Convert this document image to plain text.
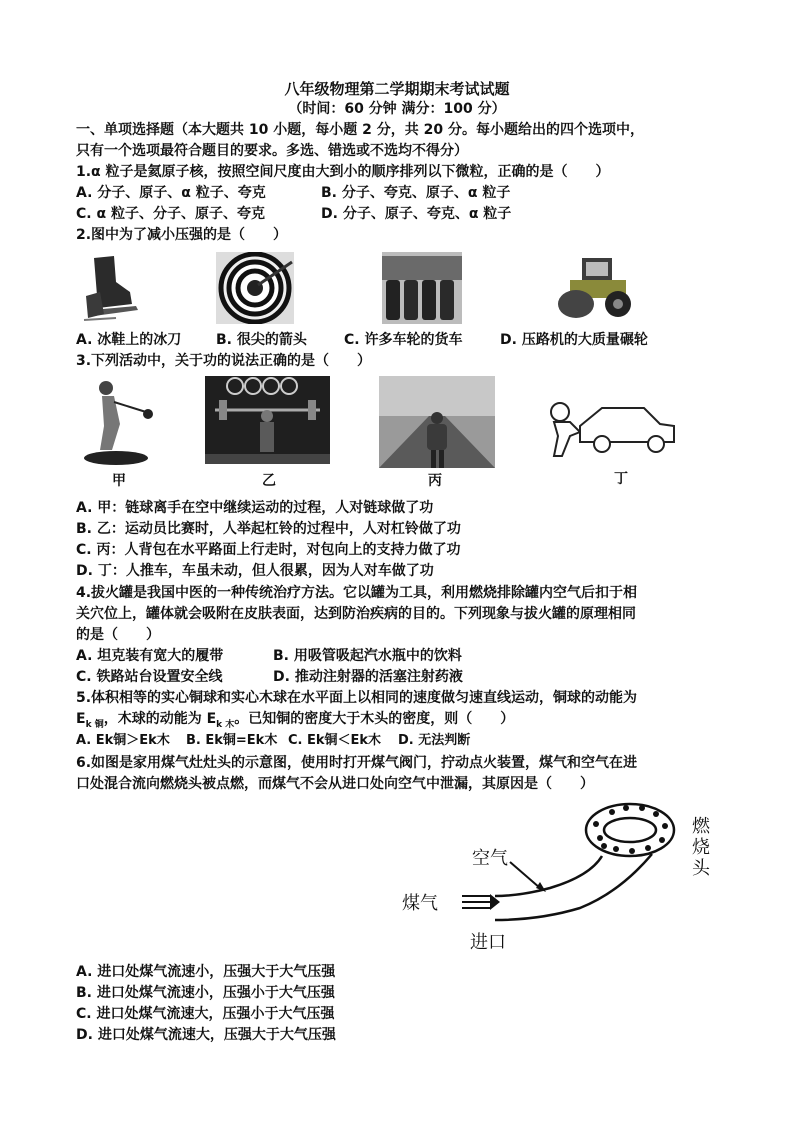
八年级物理第二学期期末考试试题
（时间：60 分钟 满分：100 分）
一、单项选择题（本大题共 10 小题，每小题 2 分，共 20 分。每小题给出的四个选项中，
只有一个选项最符合题目的要求。多选、错选或不选均不得分）
1.α 粒子是氦原子核，按照空间尺度由大到小的顺序排列以下微粒，正确的是（　　）
A. 分子、原子、α 粒子、夸克	B. 分子、夸克、原子、α 粒子
C. α 粒子、分子、原子、夸克	D. 分子、原子、夸克、α 粒子
2.图中为了减小压强的是（　　）
A. 冰鞋上的冰刀 B. 很尖的箭头	C. 许多车轮的货车	D. 压路机的大质量碾轮
3.下列活动中，关于功的说法正确的是（　　）
甲	乙	丙	丁
A. 甲：链球离手在空中继续运动的过程，人对链球做了功
B. 乙：运动员比赛时，人举起杠铃的过程中，人对杠铃做了功
C. 丙：人背包在水平路面上行走时，对包向上的支持力做了功
D. 丁：人推车，车虽未动，但人很累，因为人对车做了功
4.拔火罐是我国中医的一种传统治疗方法。它以罐为工具，利用燃烧排除罐内空气后扣于相
关穴位上，罐体就会吸附在皮肤表面，达到防治疾病的目的。下列现象与拔火罐的原理相同
的是（　　）
A. 坦克装有宽大的履带	B. 用吸管吸起汽水瓶中的饮料
C. 铁路站台设置安全线	D. 推动注射器的活塞注射药液
5.体积相等的实心铜球和实心木球在水平面上以相同的速度做匀速直线运动，铜球的动能为
$E_{k 铜}$，木球的动能为 $E_{k 木}$。已知铜的密度大于木头的密度，则（　　）
A. Ek铜＞Ek木 B. Ek铜=Ek木 C. Ek铜＜Ek木 D. 无法判断
6.如图是家用煤气灶灶头的示意图，使用时打开煤气阀门，拧动点火装置，煤气和空气在进
口处混合流向燃烧头被点燃，而煤气不会从进口处向空气中泄漏，其原因是（　　）
空气
煤气
进口
燃烧头
A. 进口处煤气流速小，压强大于大气压强
B. 进口处煤气流速小，压强小于大气压强
C. 进口处煤气流速大，压强小于大气压强
D. 进口处煤气流速大，压强大于大气压强
